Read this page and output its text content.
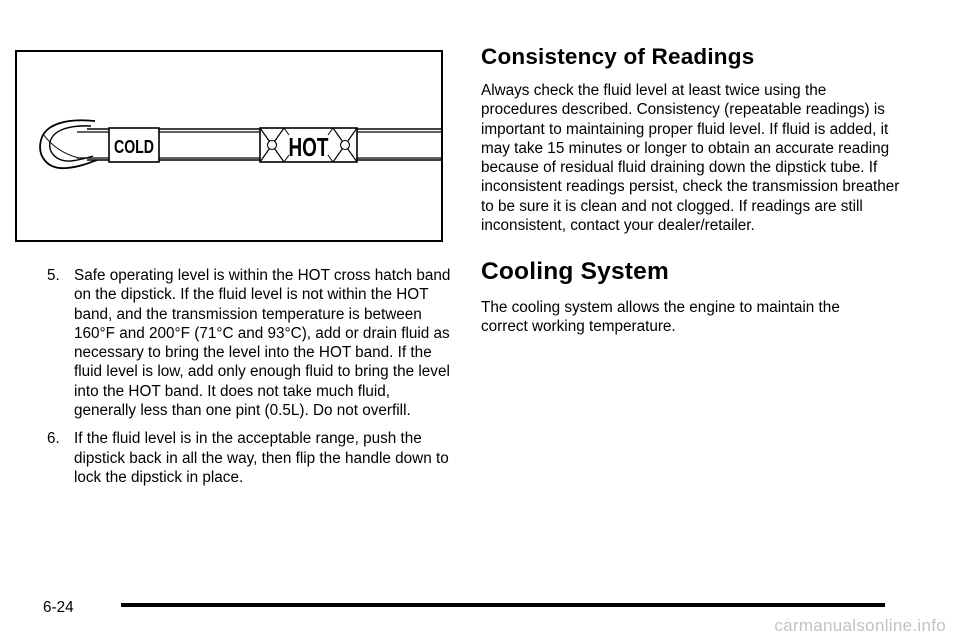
COLD	HOT
5. Safe operating level is within the HOT cross hatch band on the dipstick. If the fluid level is not within the HOT band, and the transmission temperature is between 160°F and 200°F (71°C and 93°C), add or drain fluid as necessary to bring the level into the HOT band. If the fluid level is low, add only enough fluid to bring the level into the HOT band. It does not take much fluid, generally less than one pint (0.5L). Do not overfill.
6. If the fluid level is in the acceptable range, push the dipstick back in all the way, then flip the handle down to lock the dipstick in place.
Consistency of Readings

Always check the fluid level at least twice using the procedures described. Consistency (repeatable readings) is important to maintaining proper fluid level. If fluid is added, it may take 15 minutes or longer to obtain an accurate reading because of residual fluid draining down the dipstick tube. If inconsistent readings persist, check the transmission breather to be sure it is clean and not clogged. If readings are still inconsistent, contact your dealer/retailer.

Cooling System

The cooling system allows the engine to maintain the correct working temperature.

6-24
carmanualsonline.info
